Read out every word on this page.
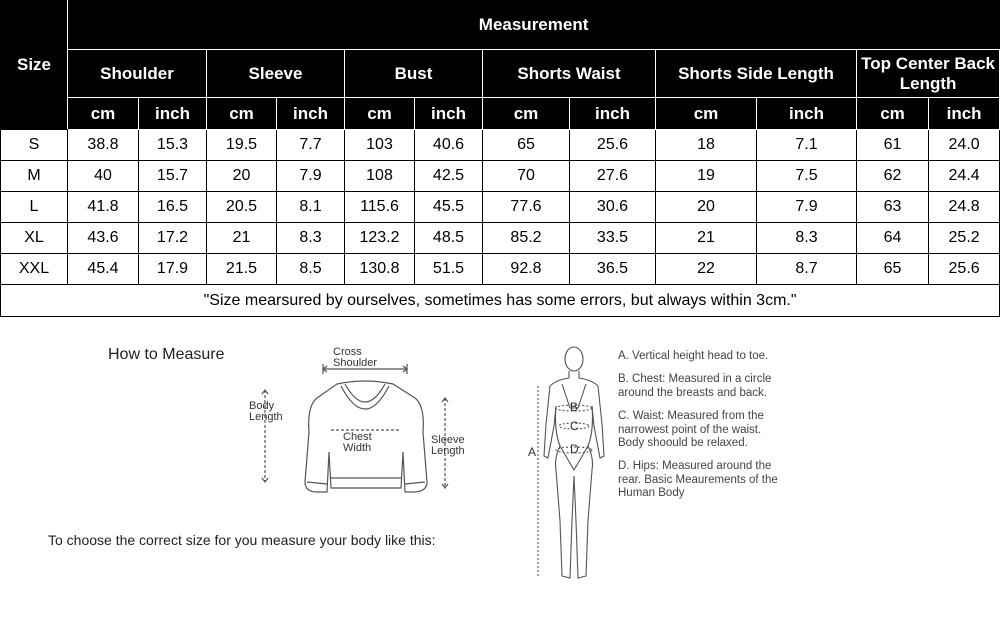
Size	Measurement											
	Shoulder		Sleeve		Bust		Shorts Waist		Shorts Side Length		Top Center Back Length	
	cm	inch	cm	inch	cm	inch	cm	inch	cm	inch	cm	inch
S	38.8	15.3	19.5	7.7	103	40.6	65	25.6	18	7.1	61	24.0
M	40	15.7	20	7.9	108	42.5	70	27.6	19	7.5	62	24.4
L	41.8	16.5	20.5	8.1	115.6	45.5	77.6	30.6	20	7.9	63	24.8
XL	43.6	17.2	21	8.3	123.2	48.5	85.2	33.5	21	8.3	64	25.2
XXL	45.4	17.9	21.5	8.5	130.8	51.5	92.8	36.5	22	8.7	65	25.6
"Size mearsured by ourselves, sometimes has some errors, but always within 3cm."												
How to Measure	Cross
Shoulder
Body
Length
Chest
Width
Sleeve
Length
To choose the correct size for you measure your body like this:
B
C
D
A

A. Vertical height head to toe.

B. Chest: Measured in a circle around the breasts and back.

C. Waist: Measured from the narrowest point of the waist. Body shoould be relaxed.

D. Hips: Measured around the rear. Basic Meaurements of the Human Body
